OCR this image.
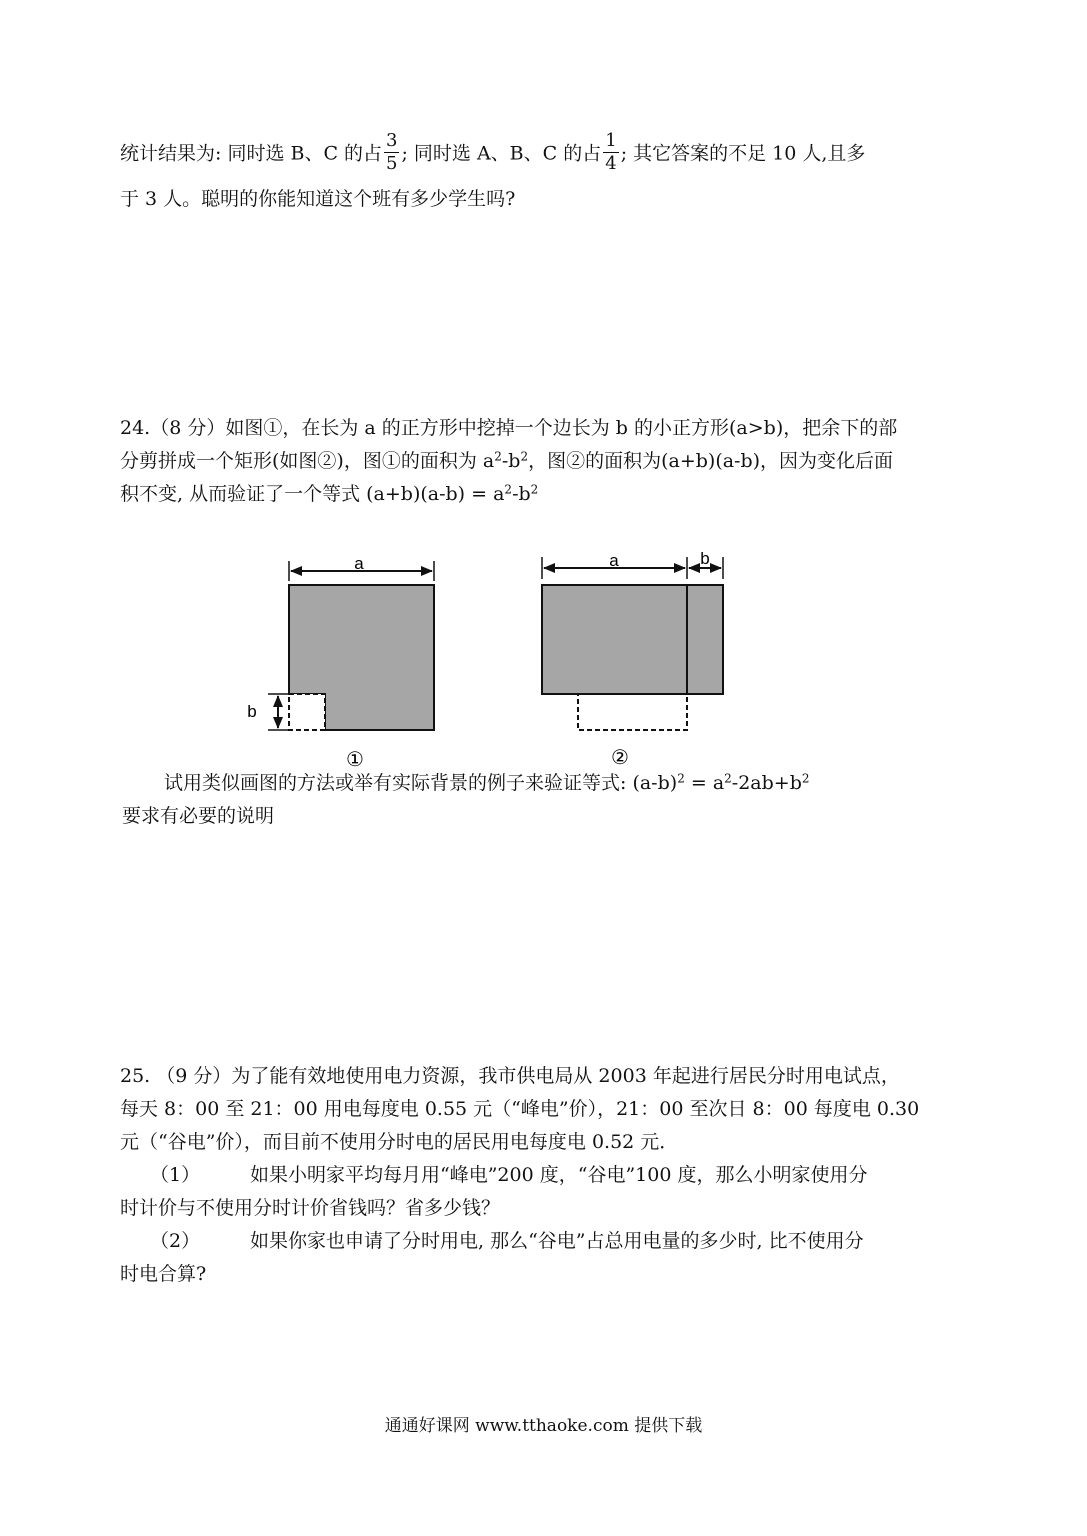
统计结果为: 同时选 B、C 的占 $\frac{3}{5}$ ; 同时选 A、B、C 的占 $\frac{1}{4}$ ; 其它答案的不足 10 人,且多
于 3 人。聪明的你能知道这个班有多少学生吗?
24.（8 分）如图①，在长为 a 的正方形中挖掉一个边长为 b 的小正方形(a>b)，把余下的部
分剪拼成一个矩形(如图②)，图①的面积为 $a^2-b^2$，图②的面积为(a+b)(a-b)，因为变化后面
积不变, 从而验证了一个等式 $(a+b)(a-b) = a^2-b^2$
a
b
①
a	b
②
试用类似画图的方法或举有实际背景的例子来验证等式: $(a-b)^2 = a^2-2ab+b^2$
要求有必要的说明
25. （9 分）为了能有效地使用电力资源，我市供电局从 2003 年起进行居民分时用电试点，
每天 8：00 至 21：00 用电每度电 0.55 元（“峰电”价），21：00 至次日 8：00 每度电 0.30
元（“谷电”价），而目前不使用分时电的居民用电每度电 0.52 元．
（1）	如果小明家平均每月用“峰电”200 度，“谷电”100 度，那么小明家使用分
时计价与不使用分时计价省钱吗？省多少钱？
（2）	如果你家也申请了分时用电, 那么“谷电”占总用电量的多少时, 比不使用分
时电合算?
通通好课网 www.tthaoke.com 提供下载
